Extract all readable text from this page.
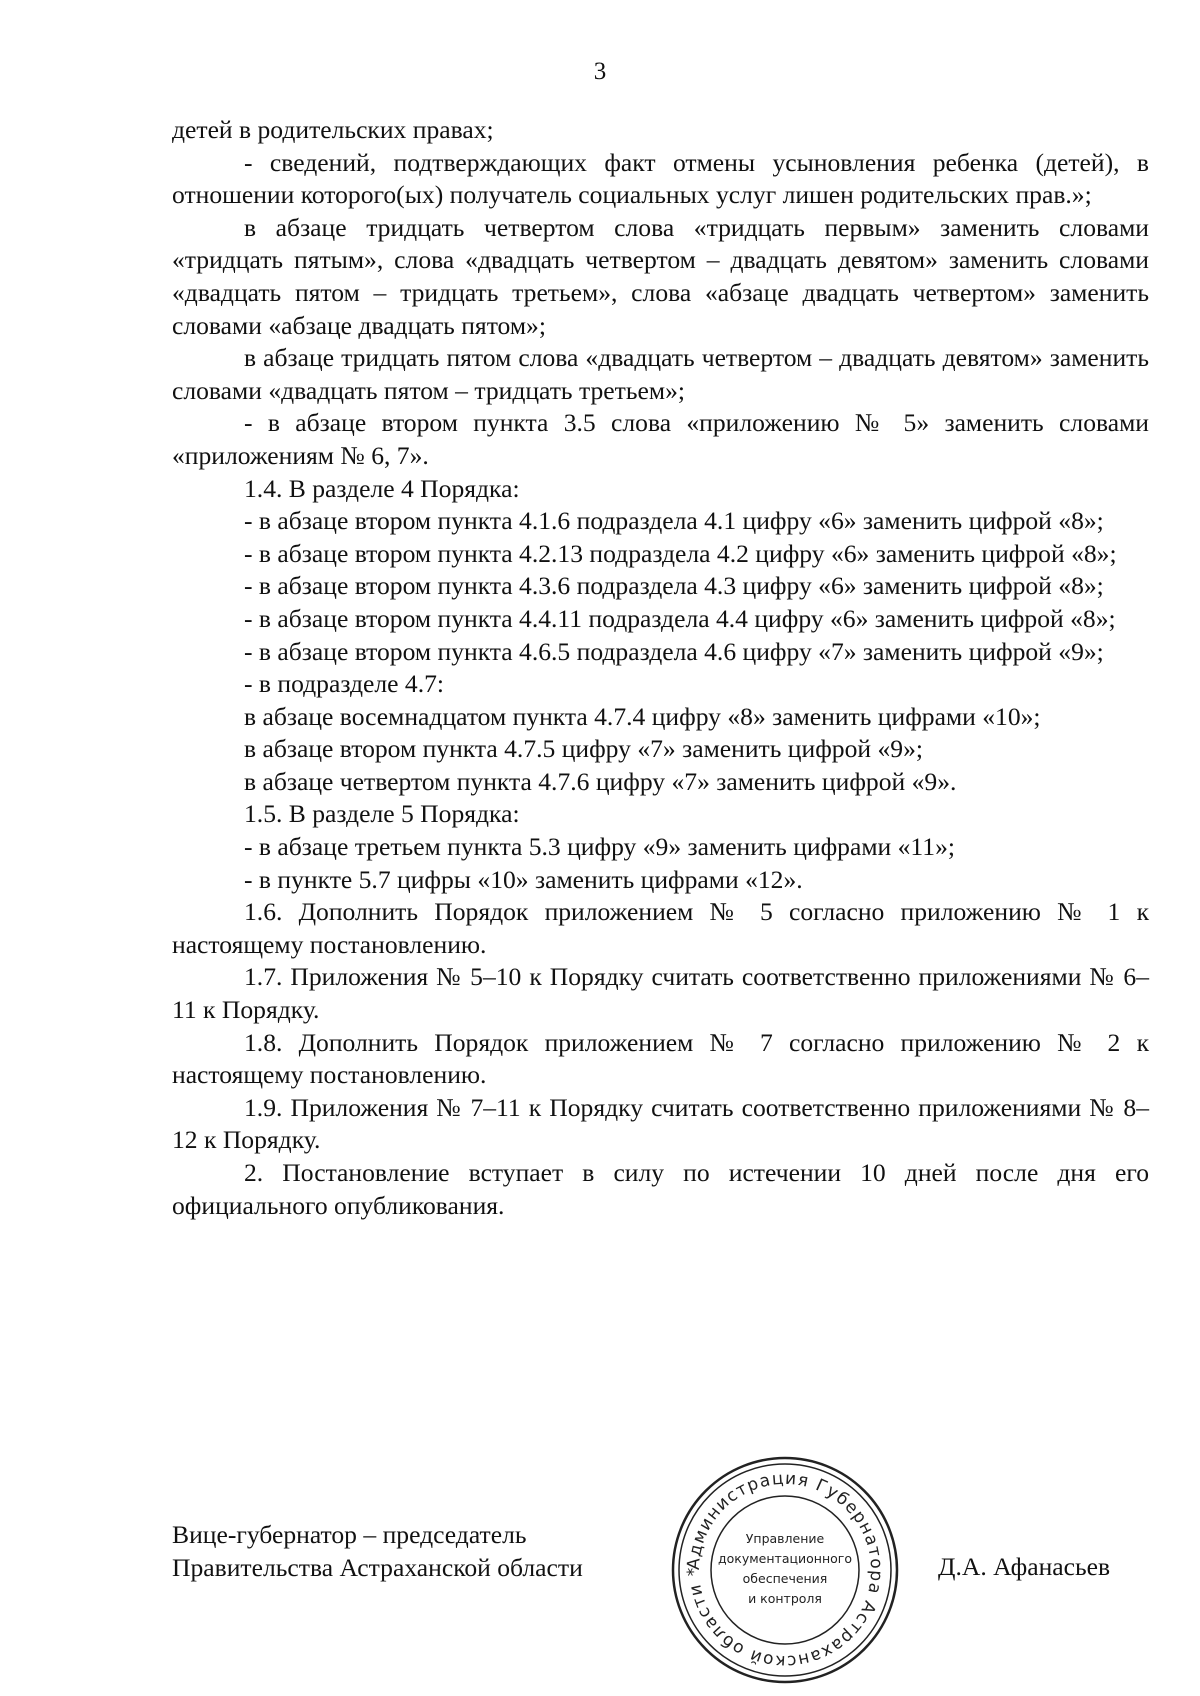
3

детей в родительских правах;

- сведений, подтверждающих факт отмены усыновления ребенка (детей), в отношении которого(ых) получатель социальных услуг лишен родительских прав.»;

в абзаце тридцать четвертом слова «тридцать первым» заменить словами «тридцать пятым», слова «двадцать четвертом – двадцать девятом» заменить словами «двадцать пятом – тридцать третьем», слова «абзаце двадцать четвертом» заменить словами «абзаце двадцать пятом»;

в абзаце тридцать пятом слова «двадцать четвертом – двадцать девятом» заменить словами «двадцать пятом – тридцать третьем»;

- в абзаце втором пункта 3.5 слова «приложению № 5» заменить словами «приложениям № 6, 7».

1.4. В разделе 4 Порядка:

- в абзаце втором пункта 4.1.6 подраздела 4.1 цифру «6» заменить цифрой «8»;

- в абзаце втором пункта 4.2.13 подраздела 4.2 цифру «6» заменить цифрой «8»;

- в абзаце втором пункта 4.3.6 подраздела 4.3 цифру «6» заменить цифрой «8»;

- в абзаце втором пункта 4.4.11 подраздела 4.4 цифру «6» заменить цифрой «8»;

- в абзаце втором пункта 4.6.5 подраздела 4.6 цифру «7» заменить цифрой «9»;

- в подразделе 4.7:

в абзаце восемнадцатом пункта 4.7.4 цифру «8» заменить цифрами «10»;

в абзаце втором пункта 4.7.5 цифру «7» заменить цифрой «9»;

в абзаце четвертом пункта 4.7.6 цифру «7» заменить цифрой «9».

1.5. В разделе 5 Порядка:

- в абзаце третьем пункта 5.3 цифру «9» заменить цифрами «11»;

- в пункте 5.7 цифры «10» заменить цифрами «12».

1.6. Дополнить Порядок приложением № 5 согласно приложению № 1 к настоящему постановлению.

1.7. Приложения № 5–10 к Порядку считать соответственно приложениями № 6–11 к Порядку.

1.8. Дополнить Порядок приложением № 7 согласно приложению № 2 к настоящему постановлению.

1.9. Приложения № 7–11 к Порядку считать соответственно приложениями № 8–12 к Порядку.

2. Постановление вступает в силу по истечении 10 дней после дня его официального опубликования.

Вице-губернатор – председатель
Правительства Астраханской области	Администрация Губернатора Астраханской области *
Управление
документационного
обеспечения
и контроля
Д.А. Афанасьев
